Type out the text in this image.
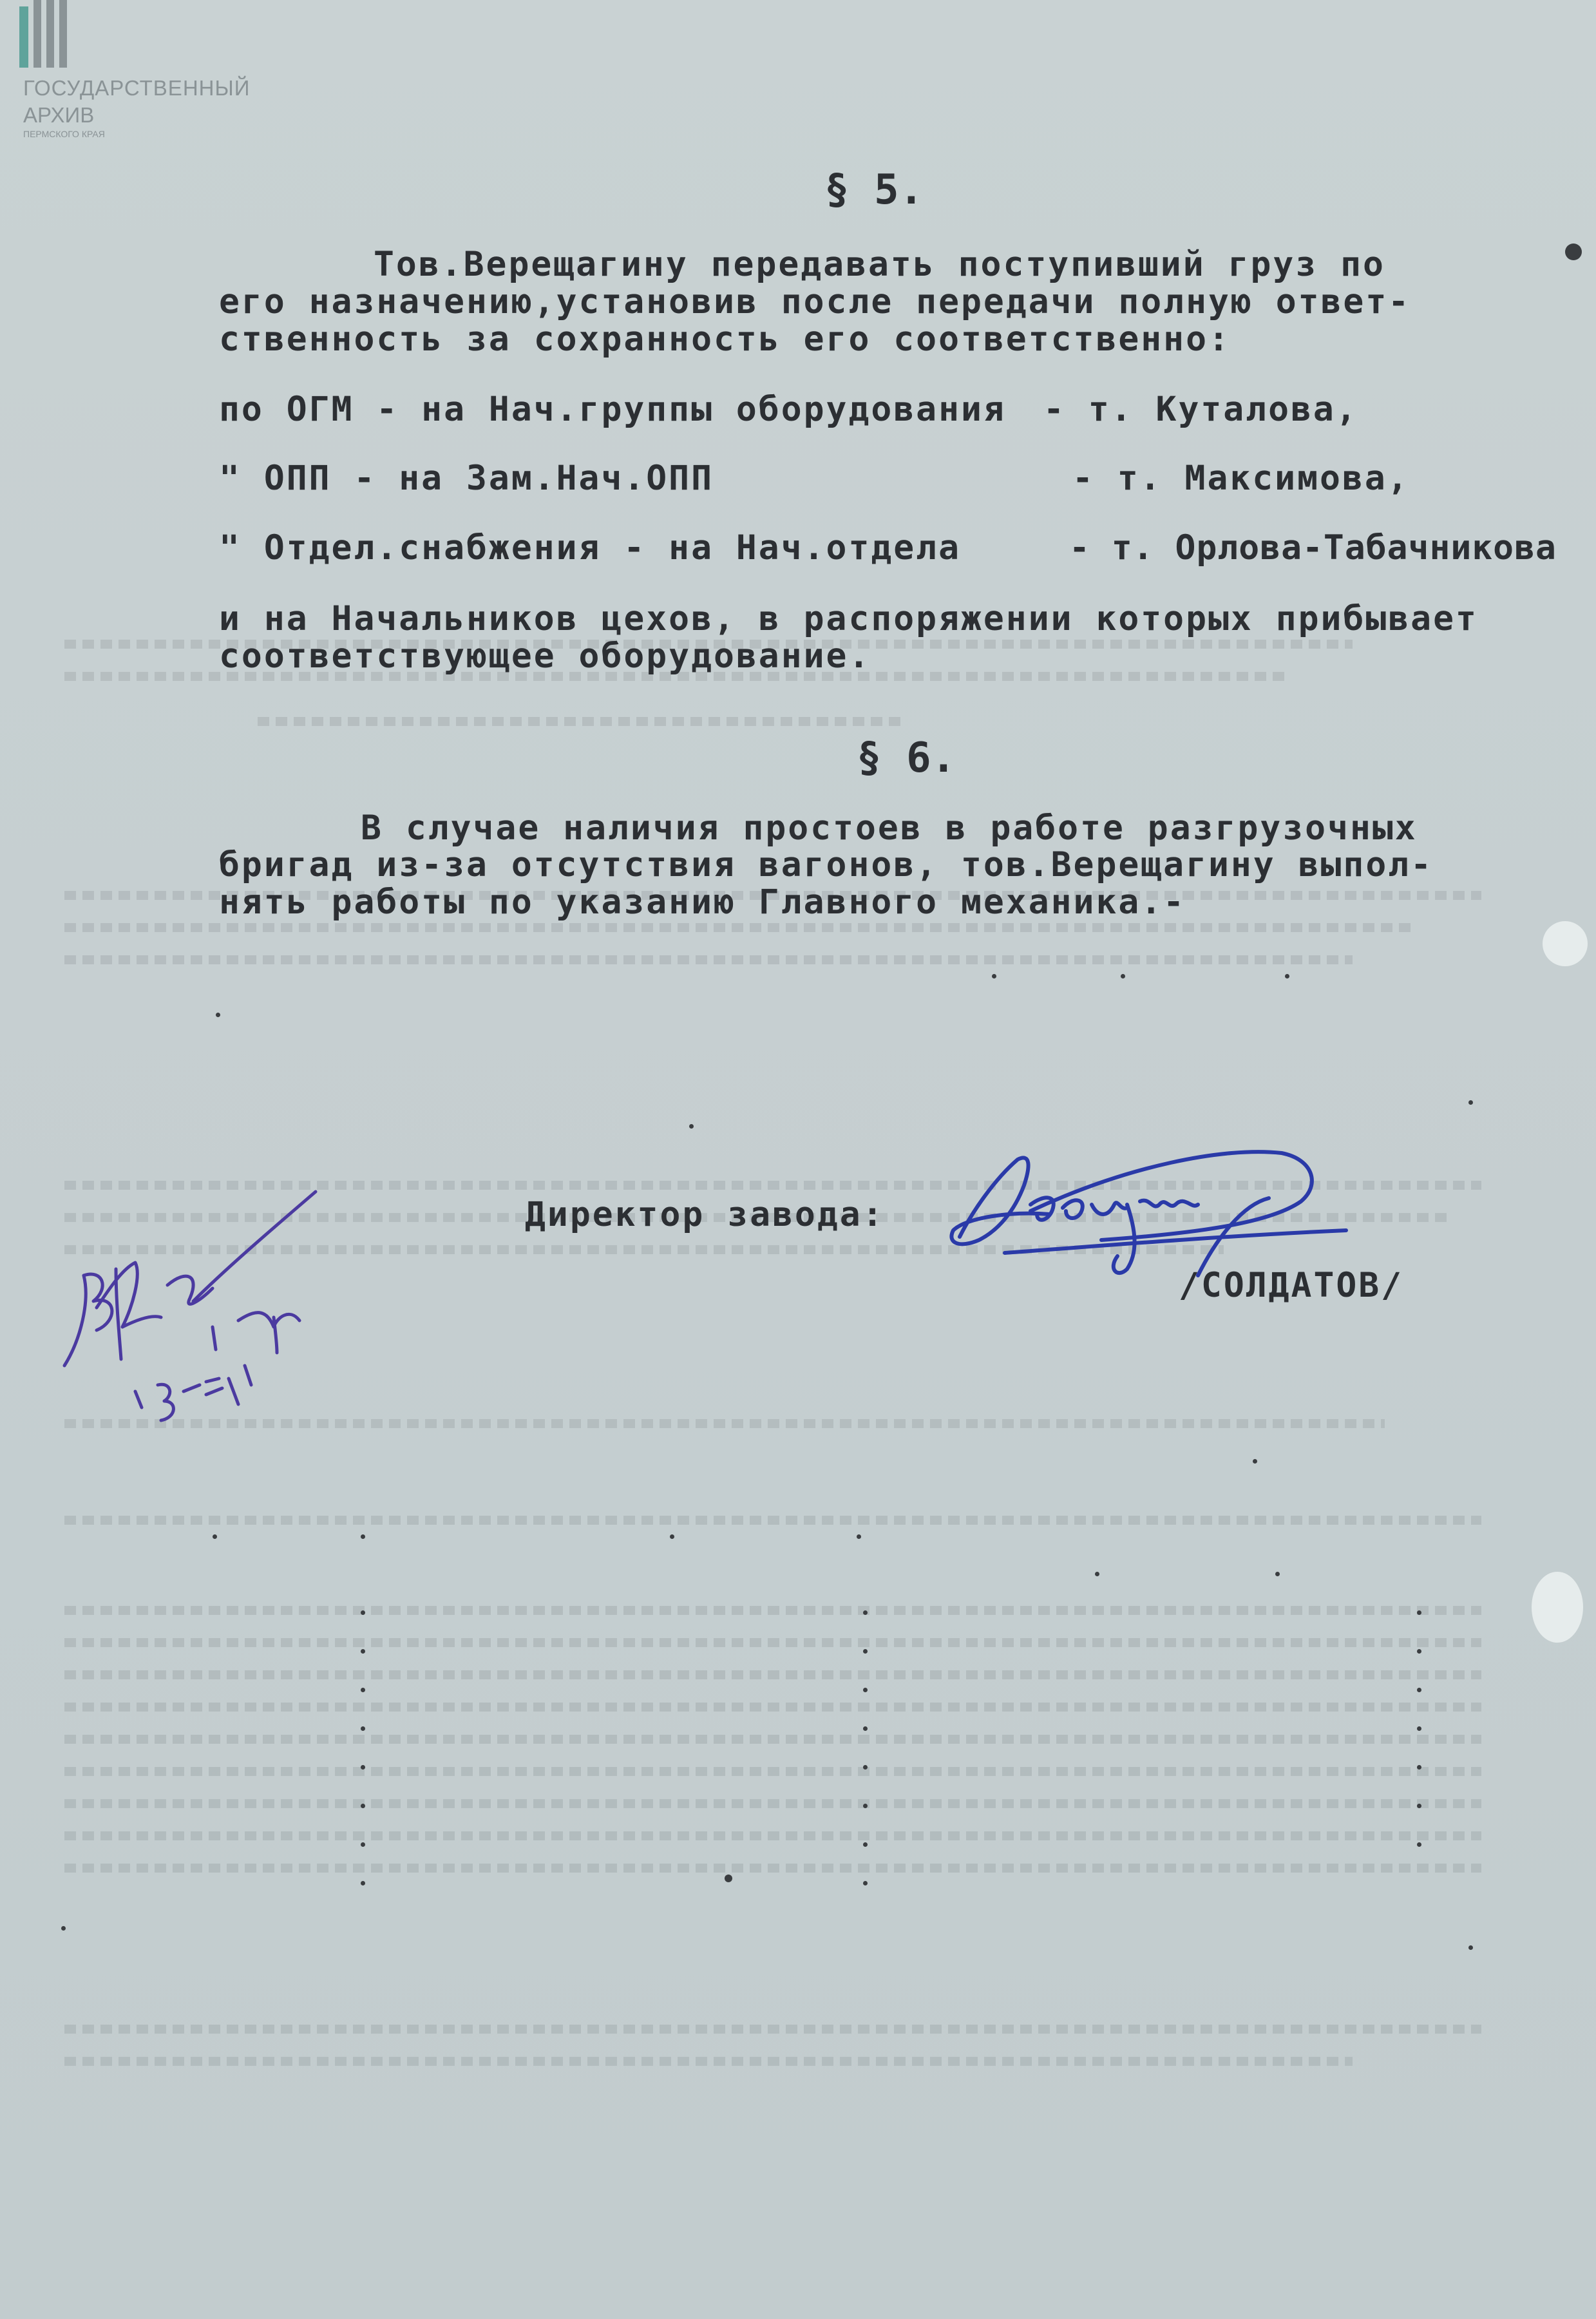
ГОСУДАРСТВЕННЫЙ
АРХИВ
ПЕРМСКОГО КРАЯ
§ 5.
Тов.Верещагину передавать поступивший груз по
его назначению,установив после передачи полную ответ-
ственность за сохранность его соответственно:
по ОГМ - на Нач.группы оборудования - т. Куталова,
" ОПП - на Зам.Нач.ОПП	- т. Максимова,
" Отдел.снабжения - на Нач.отдела	- т. Орлова-Табачникова
и на Начальников цехов, в распоряжении которых прибывает
соответствующее оборудование.
§ 6.
В случае наличия простоев в работе разгрузочных
бригад из-за отсутствия вагонов, тов.Верещагину выпол-
нять работы по указанию Главного механика.-
Директор завода:
/СОЛДАТОВ/
